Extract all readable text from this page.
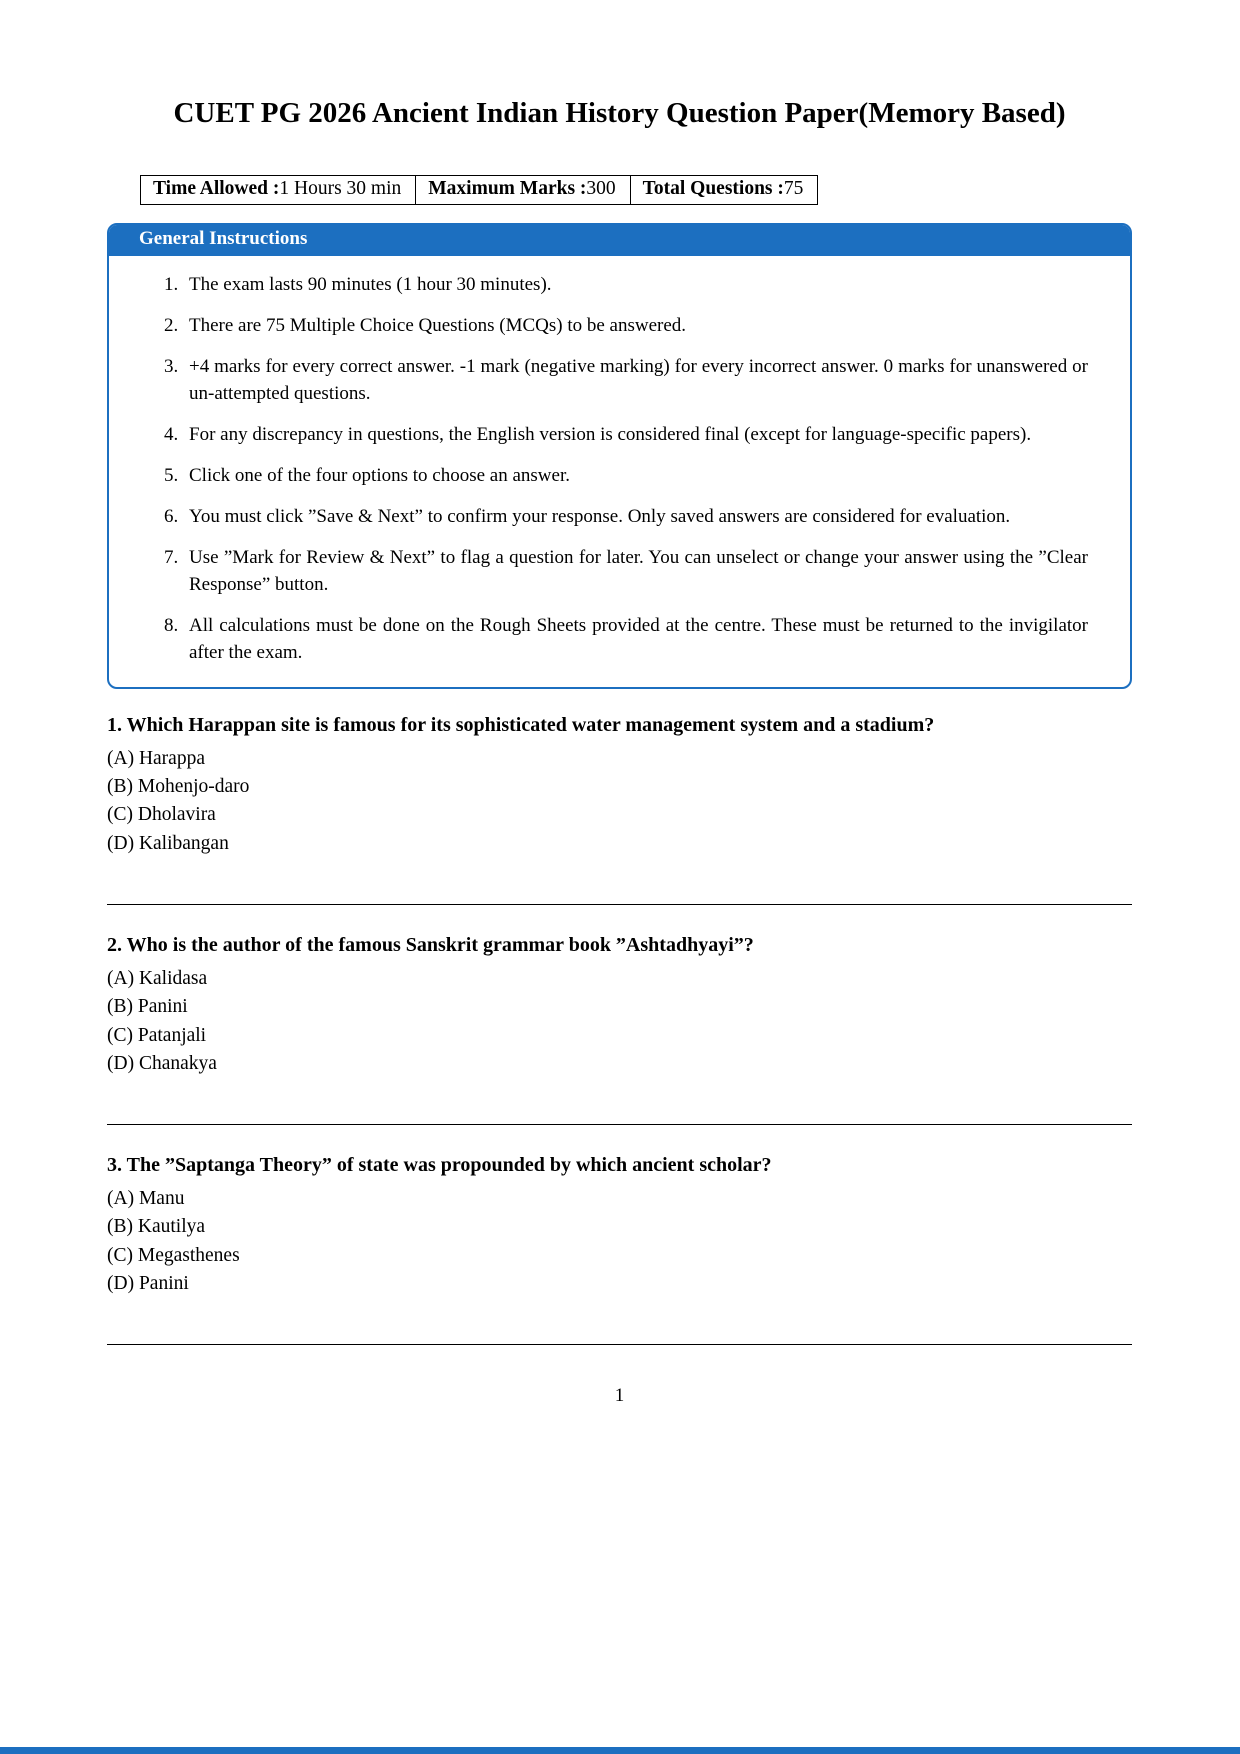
CUET PG 2026 Ancient Indian History Question Paper(Memory Based)
Time Allowed :1 Hours 30 min	Maximum Marks :300	Total Questions :75
General Instructions
1. The exam lasts 90 minutes (1 hour 30 minutes).
2. There are 75 Multiple Choice Questions (MCQs) to be answered.
3. +4 marks for every correct answer. -1 mark (negative marking) for every incorrect answer. 0 marks for unanswered or un-attempted questions.
4. For any discrepancy in questions, the English version is considered final (except for language-specific papers).
5. Click one of the four options to choose an answer.
6. You must click ”Save & Next” to confirm your response. Only saved answers are considered for evaluation.
7. Use ”Mark for Review & Next” to flag a question for later. You can unselect or change your answer using the ”Clear Response” button.
8. All calculations must be done on the Rough Sheets provided at the centre. These must be returned to the invigilator after the exam.

1. Which Harappan site is famous for its sophisticated water management system and a stadium?

(A) Harappa
(B) Mohenjo-daro
(C) Dholavira
(D) Kalibangan

2. Who is the author of the famous Sanskrit grammar book ”Ashtadhyayi”?

(A) Kalidasa
(B) Panini
(C) Patanjali
(D) Chanakya

3. The ”Saptanga Theory” of state was propounded by which ancient scholar?

(A) Manu
(B) Kautilya
(C) Megasthenes
(D) Panini
1
